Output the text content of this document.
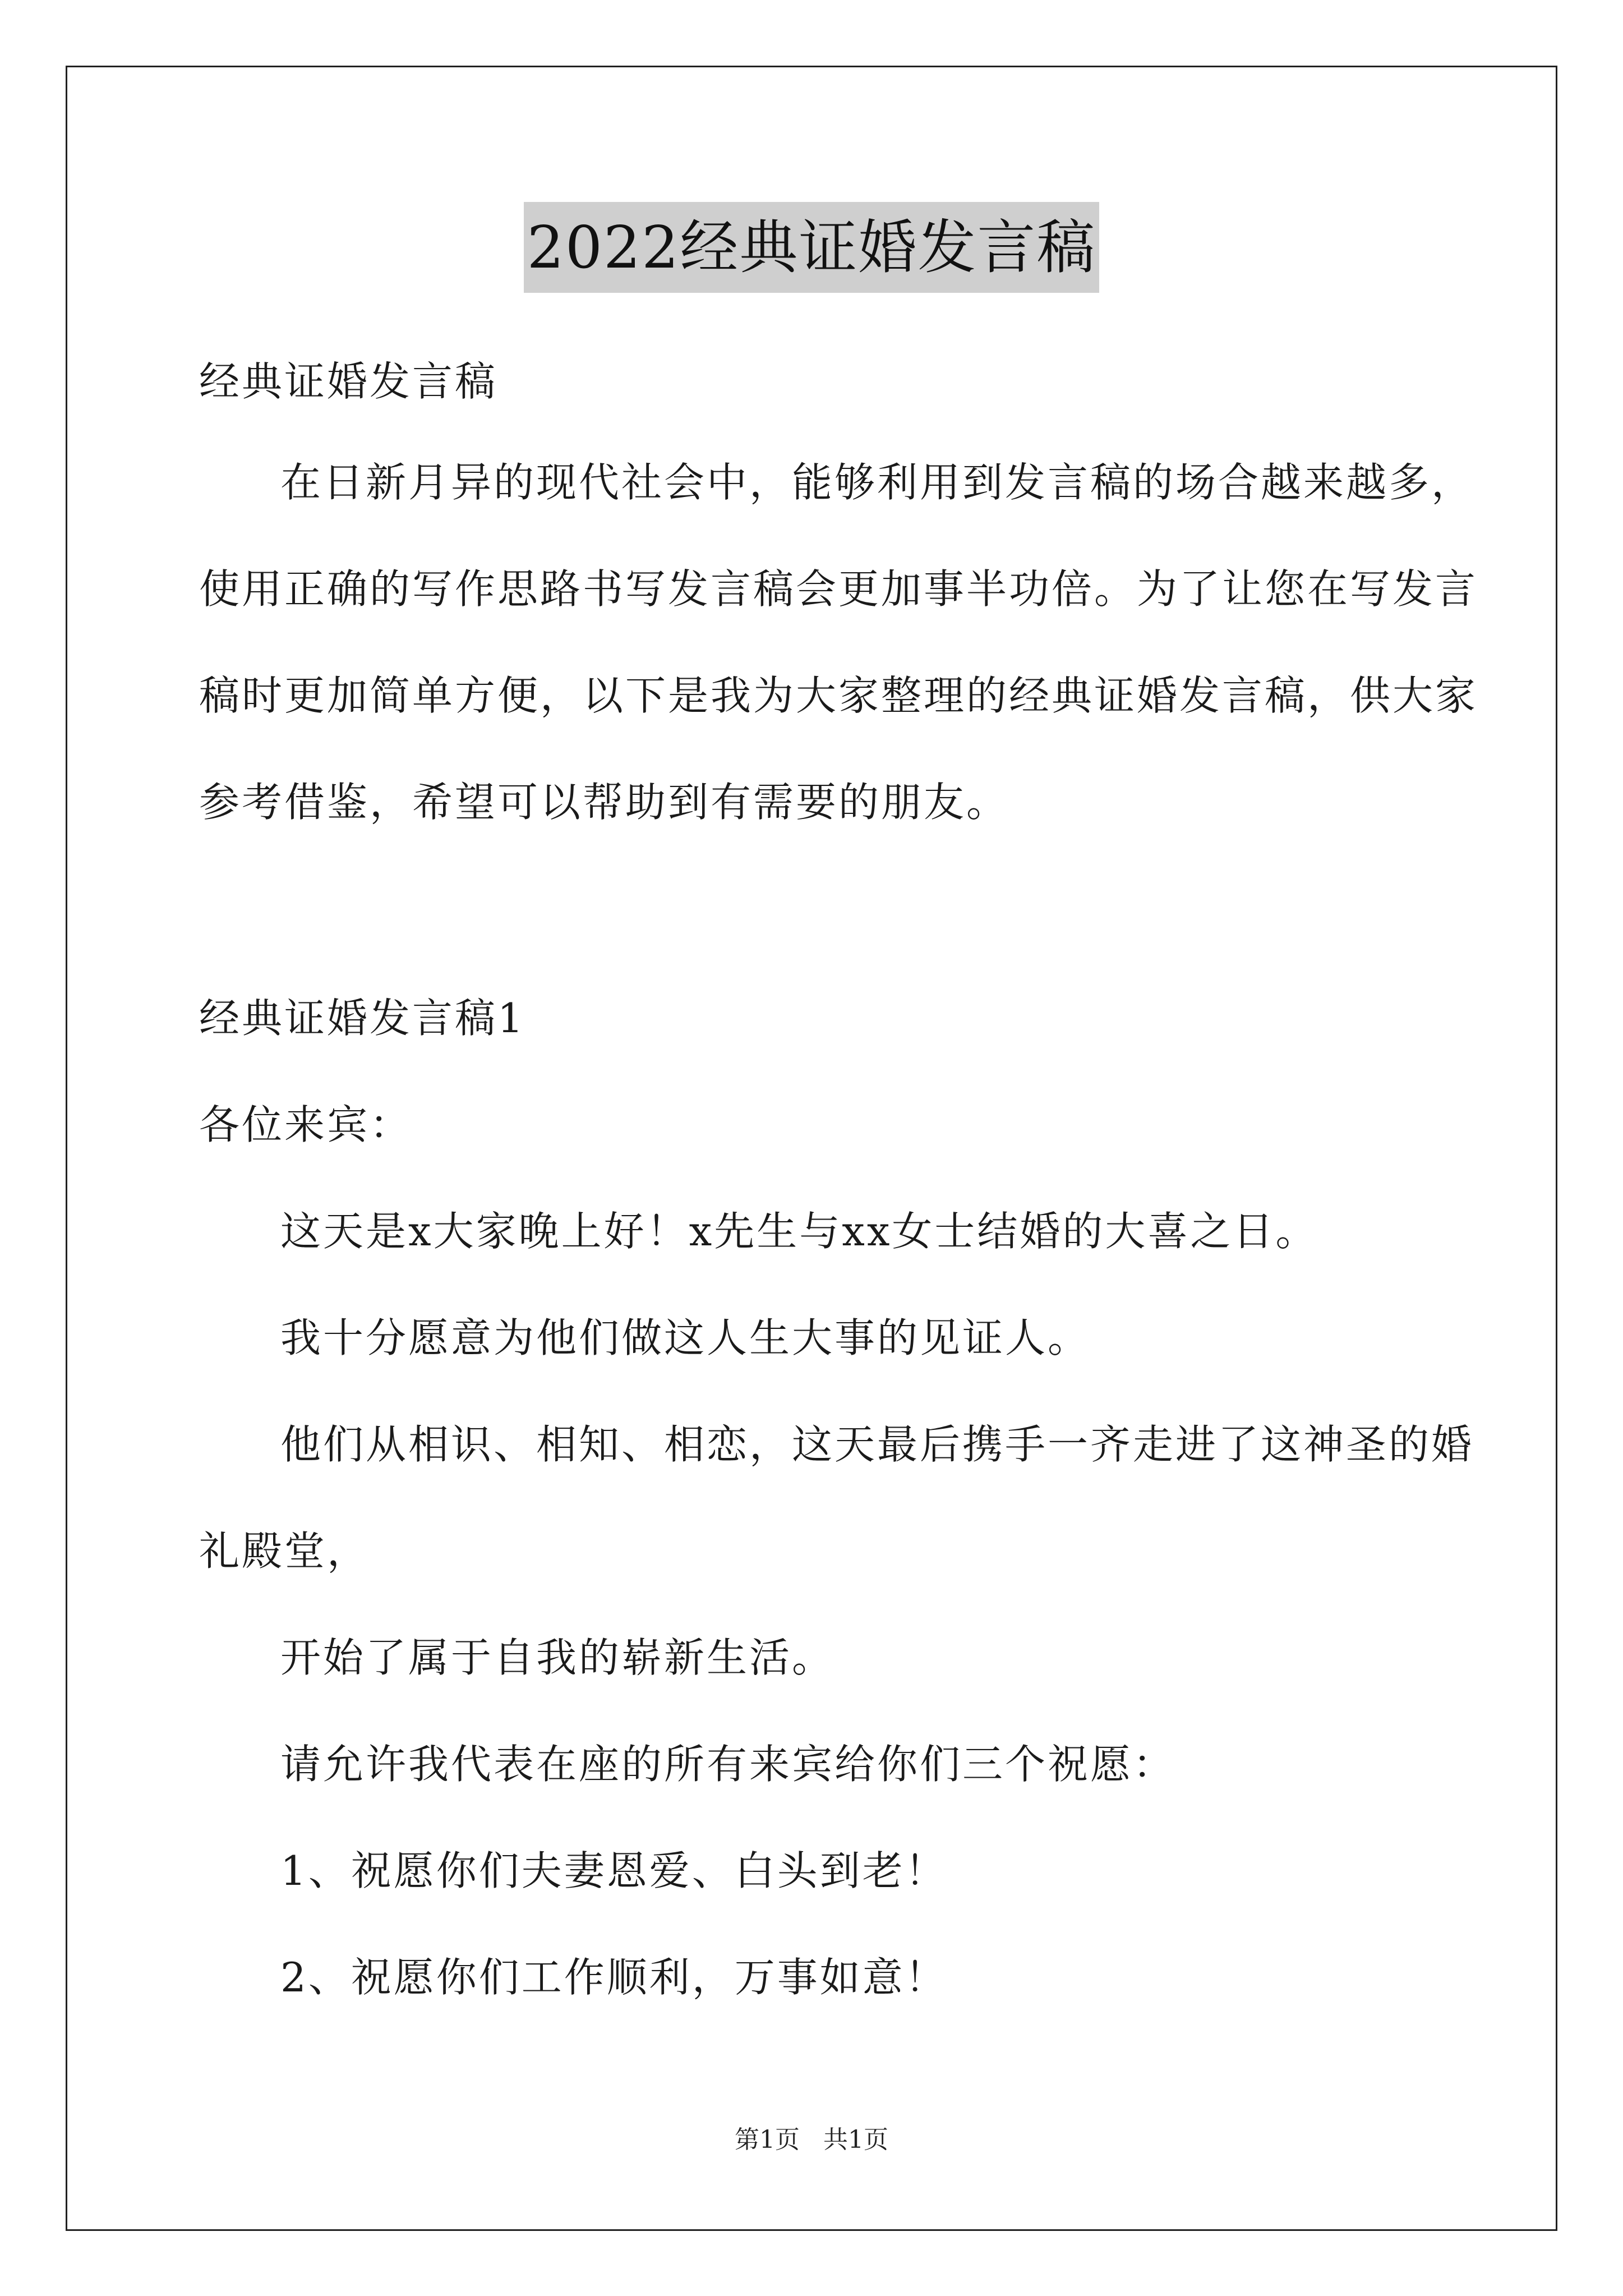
2022经典证婚发言稿
经典证婚发言稿
在日新月异的现代社会中，能够利用到发言稿的场合越来越多，
使用正确的写作思路书写发言稿会更加事半功倍。为了让您在写发言
稿时更加简单方便，以下是我为大家整理的经典证婚发言稿，供大家
参考借鉴，希望可以帮助到有需要的朋友。
经典证婚发言稿1
各位来宾：
这天是x大家晚上好！x先生与xx女士结婚的大喜之日。
我十分愿意为他们做这人生大事的见证人。
他们从相识、相知、相恋，这天最后携手一齐走进了这神圣的婚
礼殿堂，
开始了属于自我的崭新生活。
请允许我代表在座的所有来宾给你们三个祝愿：
1、祝愿你们夫妻恩爱、白头到老！
2、祝愿你们工作顺利，万事如意！
第1页   共1页
